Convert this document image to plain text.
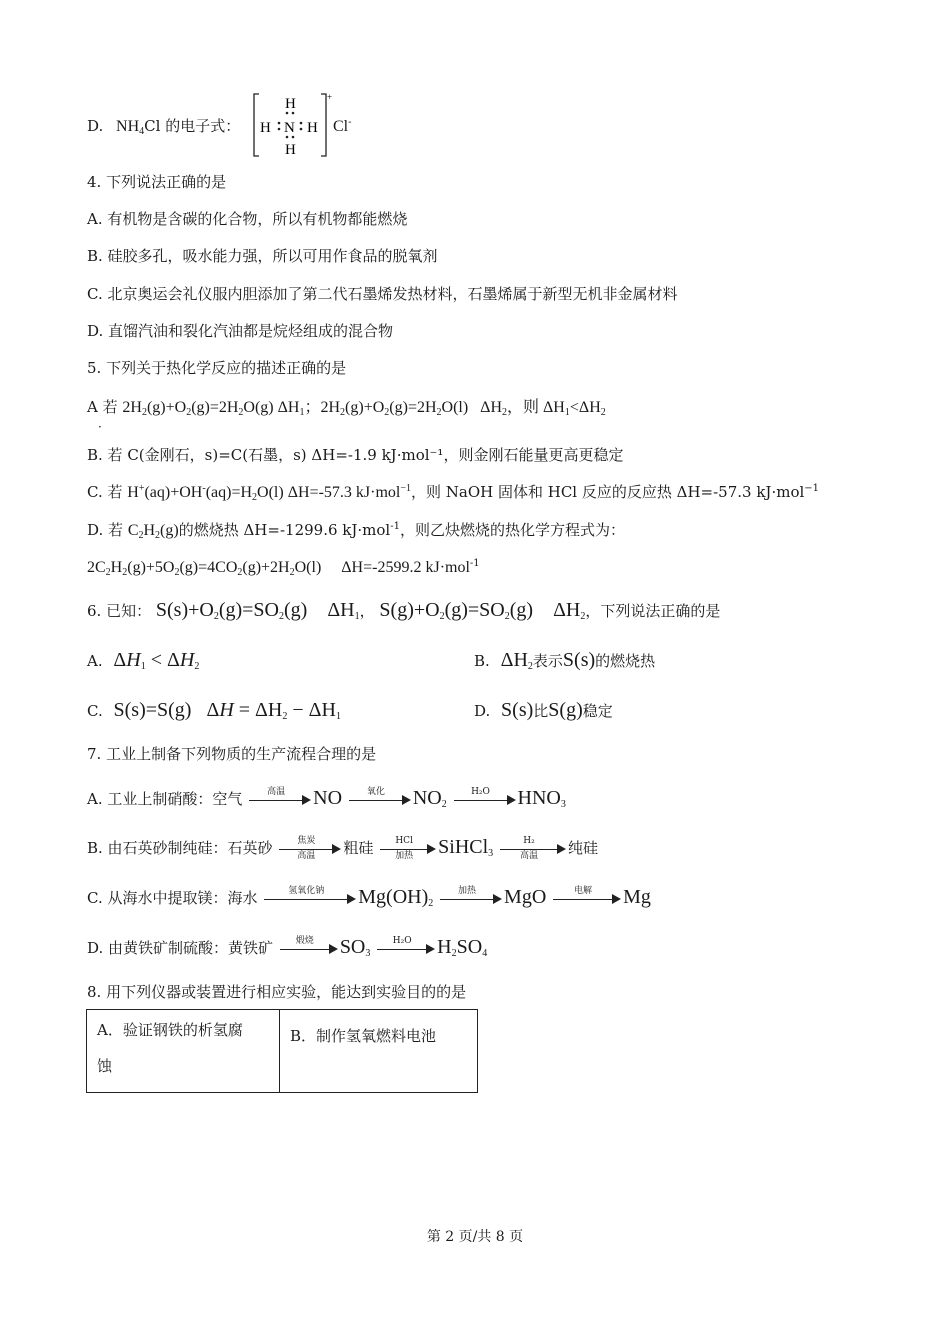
D. $NH_4Cl$ 的电子式：
H
H N H
H
+
Cl-
4. 下列说法正确的是
A. 有机物是含碳的化合物，所以有机物都能燃烧
B. 硅胶多孔，吸水能力强，所以可用作食品的脱氧剂
C. 北京奥运会礼仪服内胆添加了第二代石墨烯发热材料，石墨烯属于新型无机非金属材料
D. 直馏汽油和裂化汽油都是烷烃组成的混合物
5. 下列关于热化学反应的描述正确的是
A 若 $2H_2(g)+O_2(g)=2H_2O(g)$ $\Delta H_1$；$2H_2(g)+O_2(g)=2H_2O(l)$   $\Delta H_2$，则 $\Delta H_1<\Delta H_2$
·
B. 若 C(金刚石，s)=C(石墨，s) ΔH=-1.9 kJ·mol⁻¹，则金刚石能量更高更稳定
C. 若 $H^+(aq)+OH^-(aq)=H_2O(l)$ ΔH=-57.3 kJ·mol$^{-1}$，则 NaOH 固体和 HCl 反应的反应热 ΔH=-57.3 kJ·mol$^{-1}$
D. 若 $C_2H_2(g)$的燃烧热 ΔH=-1299.6 kJ·mol$^{-1}$，则乙炔燃烧的热化学方程式为：
$2C_2H_2(g)+5O_2(g)=4CO_2(g)+2H_2O(l)$     ΔH=-2599.2 kJ·mol$^{-1}$
6. 已知： $S(s)+O_2(g)=SO_2(g)$    $\Delta H_1$， $S(g)+O_2(g)=SO_2(g)$    $\Delta H_2$，下列说法正确的是
A. $\Delta H_1 < \Delta H_2$	B. $\Delta H_2$表示S(s)的燃烧热
C. S(s)=S(g)   $\Delta H = \Delta H_2 - \Delta H_1$	D. S(s)比S(g)稳定
7. 工业上制备下列物质的生产流程合理的是
A. 工业上制硝酸：空气	高温	NO	氧化	$NO_2$
H₂O	$HNO_3$
B. 由石英砂制纯硅：石英砂	焦炭
高温	粗硅	HCl
加热	SiHCl$_3$
H₂
高温	纯硅
C. 从海水中提取镁：海水	氢氧化钠	$Mg(OH)_2$
加热	MgO	电解	Mg
D. 由黄铁矿制硫酸：黄铁矿	煅烧	$SO_3$
H₂O	$H_2SO_4$
8. 用下列仪器或装置进行相应实验，能达到实验目的的是
A．验证钢铁的析氢腐
蚀
	B．制作氢氧燃料电池
第 2 页/共 8 页
